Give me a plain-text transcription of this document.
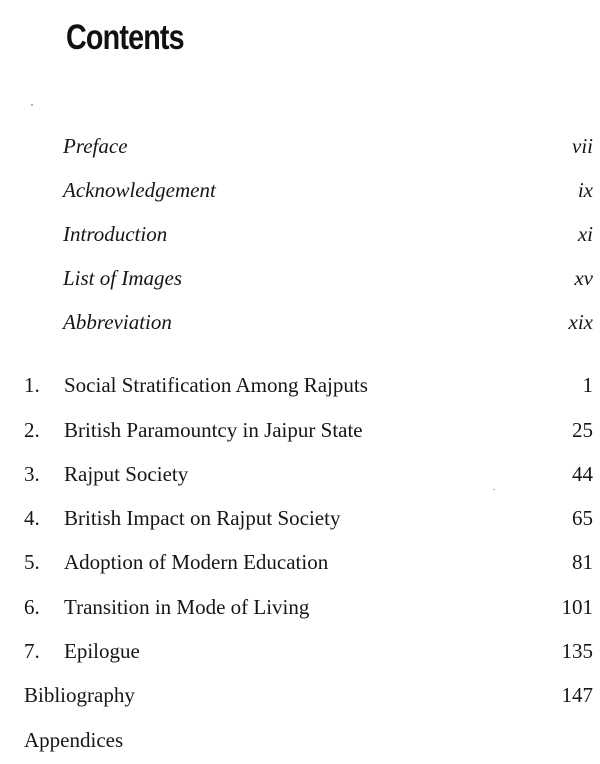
Contents
Preface	vii
Acknowledgement	ix
Introduction	xi
List of Images	xv
Abbreviation	xix
1. Social Stratification Among Rajputs	1
2. British Paramountcy in Jaipur State	25
3. Rajput Society	44
4. British Impact on Rajput Society	65
5. Adoption of Modern Education	81
6. Transition in Mode of Living	101
7. Epilogue	135
Bibliography	147
Appendices
